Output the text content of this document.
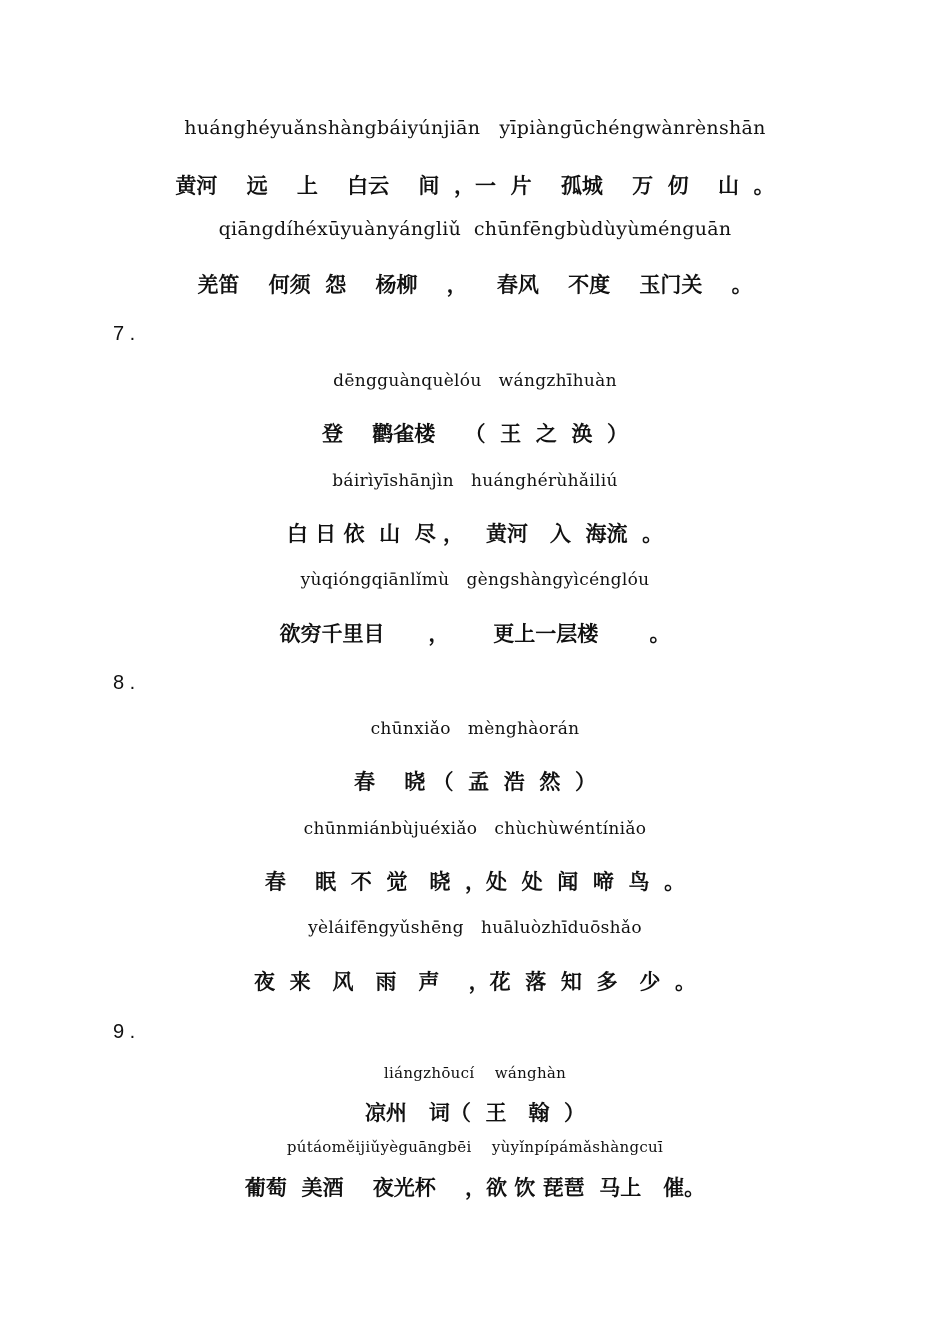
huánghéyuǎnshàngbáiyúnjiān   yīpiàngūchéngwànrènshān
黄河    远    上    白云    间  ，一  片    孤城    万  仞    山  。
qiāngdíhéxūyuànyángliǔ  chūnfēngbùdùyùménguān
羌笛    何须  怨    杨柳    ，    春风    不度    玉门关    。
7 .
dēngguànquèlóu   wángzhīhuàn
登    鹳雀楼    （  王  之  涣  ）
báirìyīshānjìn   huánghérùhǎiliú
白 日 依  山  尽 ，   黄河   入  海流  。
yùqióngqiānlǐmù   gèngshàngyìcénglóu
欲穷千里目      ，      更上一层楼       。
8 .
chūnxiǎo   mènghàorán
春    晓 （  孟  浩  然  ）
chūnmiánbùjuéxiǎo   chùchùwéntíniǎo
春    眠  不  觉   晓  ，处  处  闻  啼  鸟  。
yèláifēngyǔshēng   huāluòzhīduōshǎo
夜  来   风   雨   声    ，花  落  知  多   少  。
9 .
liángzhōucí    wánghàn
凉州   词（  王   翰  ）
pútáoměijiǔyèguāngbēi    yùyǐnpípámǎshàngcuī
葡萄  美酒    夜光杯    ，欲 饮 琵琶  马上   催。
